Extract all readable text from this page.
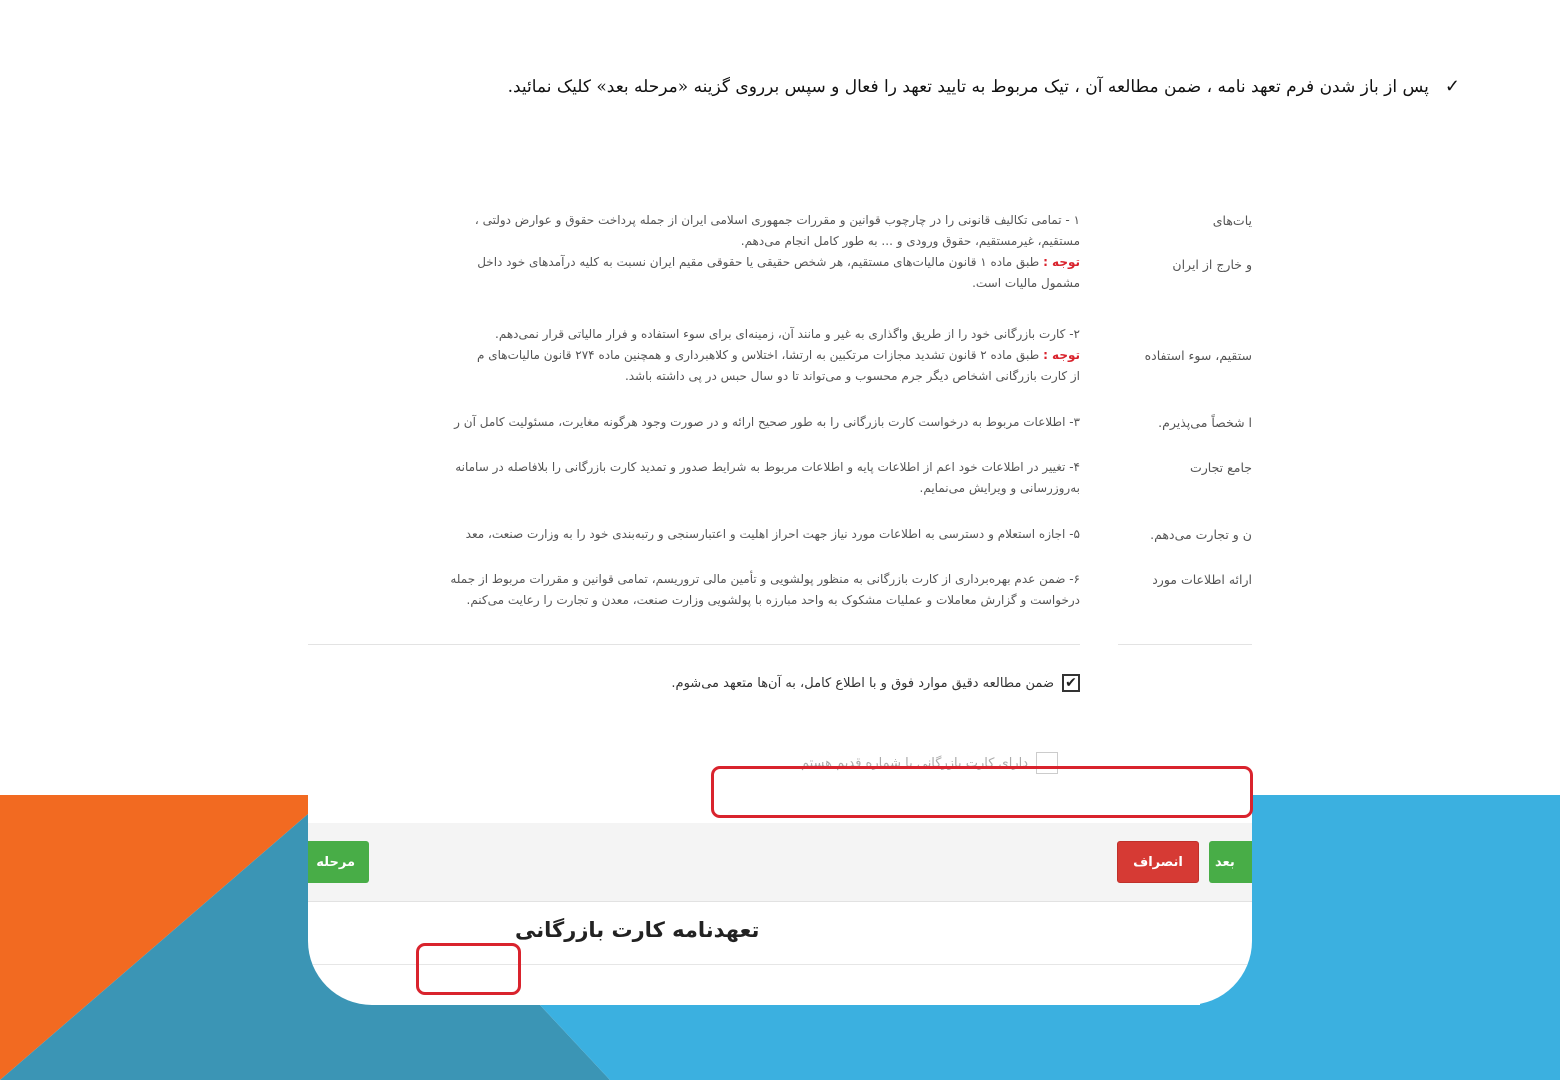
✓پس از باز شدن فرم تعهد نامه ، ضمن مطالعه آن ، تیک مربوط به تایید تعهد را فعال و سپس برروی گزینه «مرحله بعد» کلیک نمائید.
یات‌های
و خارج از ایران
۱ - تمامی تکالیف قانونی را در چارچوب قوانین و مقررات جمهوری اسلامی ایران از جمله پرداخت حقوق و عوارض دولتی ،
مستقیم، غیرمستقیم، حقوق ورودی و ... به طور کامل انجام می‌دهم.
توجه : طبق ماده ۱ قانون مالیات‌های مستقیم، هر شخص حقیقی یا حقوقی مقیم ایران نسبت به کلیه درآمدهای خود داخل
مشمول مالیات است.
ستقیم، سوء استفاده
۲- کارت بازرگانی خود را از طریق واگذاری به غیر و مانند آن، زمینه‌ای برای سوء استفاده و فرار مالیاتی قرار نمی‌دهم.
توجه : طبق ماده ۲ قانون تشدید مجازات مرتکبین به ارتشا، اختلاس و کلاهبرداری و همچنین ماده ۲۷۴ قانون مالیات‌های م
از کارت بازرگانی اشخاص دیگر جرم محسوب و می‌تواند تا دو سال حبس در پی داشته باشد.
ا شخصاً می‌پذیرم.
۳- اطلاعات مربوط به درخواست کارت بازرگانی را به طور صحیح ارائه و در صورت وجود هرگونه مغایرت، مسئولیت کامل آن ر
جامع تجارت
۴- تغییر در اطلاعات خود اعم از اطلاعات پایه و اطلاعات مربوط به شرایط صدور و تمدید کارت بازرگانی را بلافاصله در سامانه
به‌روزرسانی و ویرایش می‌نمایم.
ن و تجارت می‌دهم.
۵- اجازه استعلام و دسترسی به اطلاعات مورد نیاز جهت احراز اهلیت و اعتبارسنجی و رتبه‌بندی خود را به وزارت صنعت، معد
ارائه اطلاعات مورد
۶- ضمن عدم بهره‌برداری از کارت بازرگانی به منظور پولشویی و تأمین مالی تروریسم، تمامی قوانین و مقررات مربوط از جمله
درخواست و گزارش معاملات و عملیات مشکوک به واحد مبارزه با پولشویی وزارت صنعت، معدن و تجارت را رعایت می‌کنم.
✔
ضمن مطالعه دقیق موارد فوق و با اطلاع کامل، به آن‌ها متعهد می‌شوم.
دارای کارت بازرگانی با شماره قدیم هستم
مرحله	انصراف	بعد
تعهدنامه کارت بازرگانی
